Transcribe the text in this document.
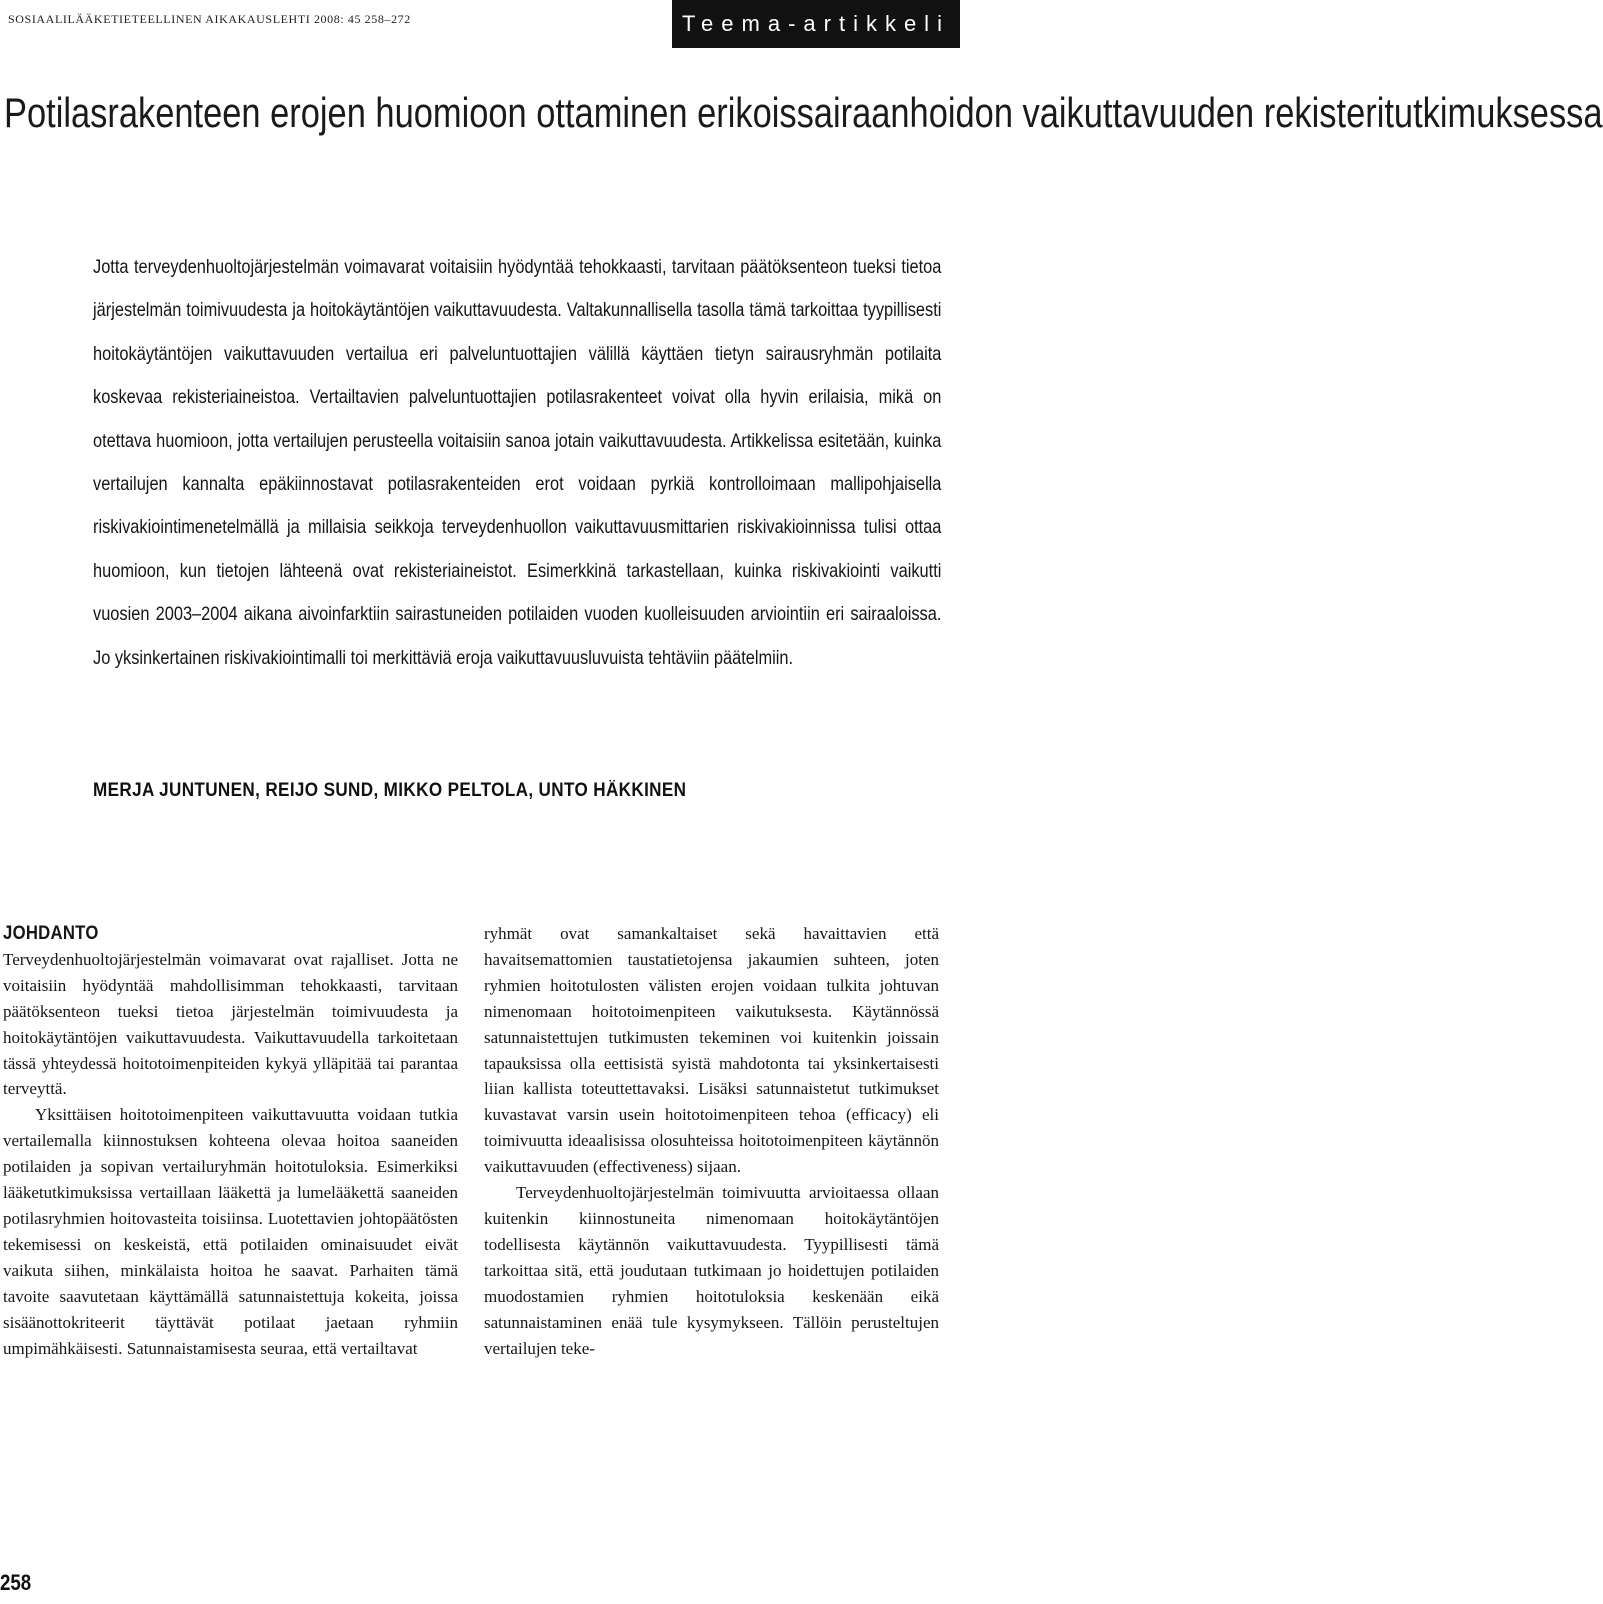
SOSIAALILÄÄKETIETEELLINEN AIKAKAUSLEHTI 2008: 45 258–272	Teema-artikkeli
Potilasrakenteen erojen huomioon ottaminen erikoissairaanhoidon vaikuttavuuden rekisteritutkimuksessa

Jotta terveydenhuoltojärjestelmän voimavarat voitaisiin hyödyntää tehokkaasti, tarvitaan päätöksenteon tueksi tietoa järjestelmän toimivuudesta ja hoitokäytäntöjen vaikuttavuudesta. Valtakunnallisella tasolla tämä tarkoittaa tyypillisesti hoitokäytäntöjen vaikuttavuuden vertailua eri palveluntuottajien välillä käyttäen tietyn sairausryhmän potilaita koskevaa rekisteriaineistoa. Vertailtavien palveluntuottajien potilasrakenteet voivat olla hyvin erilaisia, mikä on otettava huomioon, jotta vertailujen perusteella voitaisiin sanoa jotain vaikuttavuudesta. Artikkelissa esitetään, kuinka vertailujen kannalta epäkiinnostavat potilasrakenteiden erot voidaan pyrkiä kontrolloimaan mallipohjaisella riskivakiointimenetelmällä ja millaisia seikkoja terveydenhuollon vaikuttavuusmittarien riskivakioinnissa tulisi ottaa huomioon, kun tietojen lähteenä ovat rekisteriaineistot. Esimerkkinä tarkastellaan, kuinka riskivakiointi vaikutti vuosien 2003–2004 aikana aivoinfarktiin sairastuneiden potilaiden vuoden kuolleisuuden arviointiin eri sairaaloissa. Jo yksinkertainen riskivakiointimalli toi merkittäviä eroja vaikuttavuusluvuista tehtäviin päätelmiin.

MERJA JUNTUNEN, REIJO SUND, MIKKO PELTOLA, UNTO HÄKKINEN

JOHDANTO

Terveydenhuoltojärjestelmän voimavarat ovat rajalliset. Jotta ne voitaisiin hyödyntää mahdollisimman tehokkaasti, tarvitaan päätöksenteon tueksi tietoa järjestelmän toimivuudesta ja hoitokäytäntöjen vaikuttavuudesta. Vaikuttavuudella tarkoitetaan tässä yhteydessä hoitotoimenpiteiden kykyä ylläpitää tai parantaa terveyttä.

Yksittäisen hoitotoimenpiteen vaikuttavuutta voidaan tutkia vertailemalla kiinnostuksen kohteena olevaa hoitoa saaneiden potilaiden ja sopivan vertailuryhmän hoitotuloksia. Esimerkiksi lääketutkimuksissa vertaillaan lääkettä ja lumelääkettä saaneiden potilasryhmien hoitovasteita toisiinsa. Luotettavien johtopäätösten tekemisessi on keskeistä, että potilaiden ominaisuudet eivät vaikuta siihen, minkälaista hoitoa he saavat. Parhaiten tämä tavoite saavutetaan käyttämällä satunnaistettuja kokeita, joissa sisäänottokriteerit täyttävät potilaat jaetaan ryhmiin umpimähkäisesti. Satunnaistamisesta seuraa, että vertailtavat

ryhmät ovat samankaltaiset sekä havaittavien että havaitsemattomien taustatietojensa jakaumien suhteen, joten ryhmien hoitotulosten välisten erojen voidaan tulkita johtuvan nimenomaan hoitotoimenpiteen vaikutuksesta. Käytännössä satunnaistettujen tutkimusten tekeminen voi kuitenkin joissain tapauksissa olla eettisistä syistä mahdotonta tai yksinkertaisesti liian kallista toteuttettavaksi. Lisäksi satunnaistetut tutkimukset kuvastavat varsin usein hoitotoimenpiteen tehoa (efficacy) eli toimivuutta ideaalisissa olosuhteissa hoitotoimenpiteen käytännön vaikuttavuuden (effectiveness) sijaan.

Terveydenhuoltojärjestelmän toimivuutta arvioitaessa ollaan kuitenkin kiinnostuneita nimenomaan hoitokäytäntöjen todellisesta käytännön vaikuttavuudesta. Tyypillisesti tämä tarkoittaa sitä, että joudutaan tutkimaan jo hoidettujen potilaiden muodostamien ryhmien hoitotuloksia keskenään eikä satunnaistaminen enää tule kysymykseen. Tällöin perusteltujen vertailujen teke-

258
